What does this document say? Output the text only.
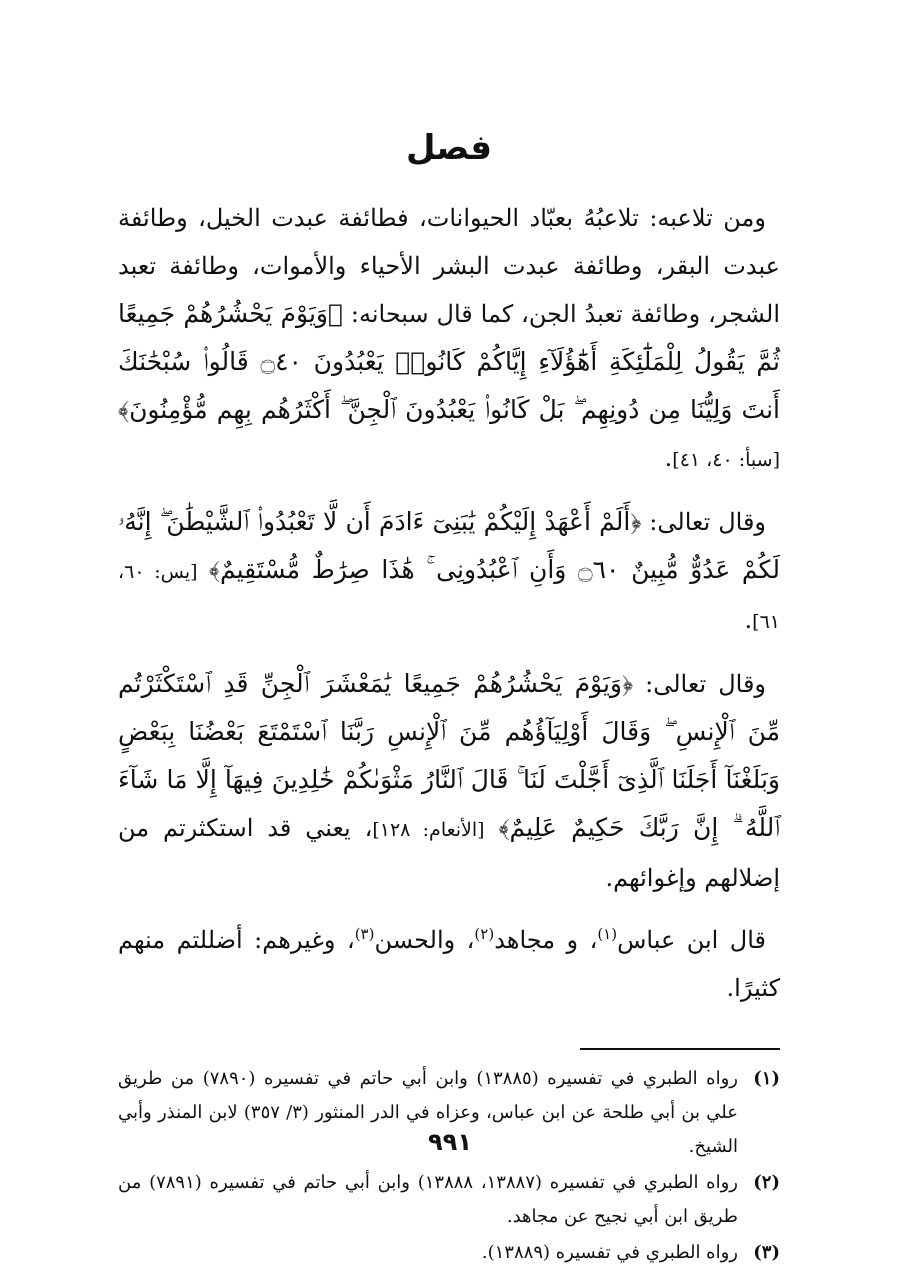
فصل

ومن تلاعبه: تلاعبُهُ بعبّاد الحيوانات، فطائفة عبدت الخيل، وطائفة عبدت البقر، وطائفة عبدت البشر الأحياء والأموات، وطائفة تعبد الشجر، وطائفة تعبدُ الجن، كما قال سبحانه: ﴿وَيَوْمَ يَحْشُرُهُمْ جَمِيعًا ثُمَّ يَقُولُ لِلْمَلَٰٓئِكَةِ أَهَٰٓؤُلَآءِ إِيَّاكُمْ كَانُوا۟ يَعْبُدُونَ ۝٤٠ قَالُوا۟ سُبْحَٰنَكَ أَنتَ وَلِيُّنَا مِن دُونِهِم ۖ بَلْ كَانُوا۟ يَعْبُدُونَ ٱلْجِنَّ ۖ أَكْثَرُهُم بِهِم مُّؤْمِنُونَ﴾ [سبأ: ٤٠، ٤١].

وقال تعالى: ﴿أَلَمْ أَعْهَدْ إِلَيْكُمْ يَٰبَنِىٓ ءَادَمَ أَن لَّا تَعْبُدُوا۟ ٱلشَّيْطَٰنَ ۖ إِنَّهُۥ لَكُمْ عَدُوٌّ مُّبِينٌ ۝٦٠ وَأَنِ ٱعْبُدُونِى ۚ هَٰذَا صِرَٰطٌ مُّسْتَقِيمٌ﴾ [يس: ٦٠، ٦١].

وقال تعالى: ﴿وَيَوْمَ يَحْشُرُهُمْ جَمِيعًا يَٰمَعْشَرَ ٱلْجِنِّ قَدِ ٱسْتَكْثَرْتُم مِّنَ ٱلْإِنسِ ۖ وَقَالَ أَوْلِيَآؤُهُم مِّنَ ٱلْإِنسِ رَبَّنَا ٱسْتَمْتَعَ بَعْضُنَا بِبَعْضٍ وَبَلَغْنَآ أَجَلَنَا ٱلَّذِىٓ أَجَّلْتَ لَنَا ۚ قَالَ ٱلنَّارُ مَثْوَىٰكُمْ خَٰلِدِينَ فِيهَآ إِلَّا مَا شَآءَ ٱللَّهُ ۗ إِنَّ رَبَّكَ حَكِيمٌ عَلِيمٌ﴾ [الأنعام: ١٢٨]، يعني قد استكثرتم من إضلالهم وإغوائهم.

قال ابن عباس$^{(١)}$، و مجاهد$^{(٢)}$، والحسن$^{(٣)}$، وغيرهم: أضللتم منهم كثيرًا.

(١)
رواه الطبري في تفسيره (١٣٨٨٥) وابن أبي حاتم في تفسيره (٧٨٩٠) من طريق علي بن أبي طلحة عن ابن عباس، وعزاه في الدر المنثور (٣/ ٣٥٧) لابن المنذر وأبي الشيخ.
(٢)
رواه الطبري في تفسيره (١٣٨٨٧، ١٣٨٨٨) وابن أبي حاتم في تفسيره (٧٨٩١) من طريق ابن أبي نجيح عن مجاهد.
(٣)
رواه الطبري في تفسيره (١٣٨٨٩).
٩٩١
